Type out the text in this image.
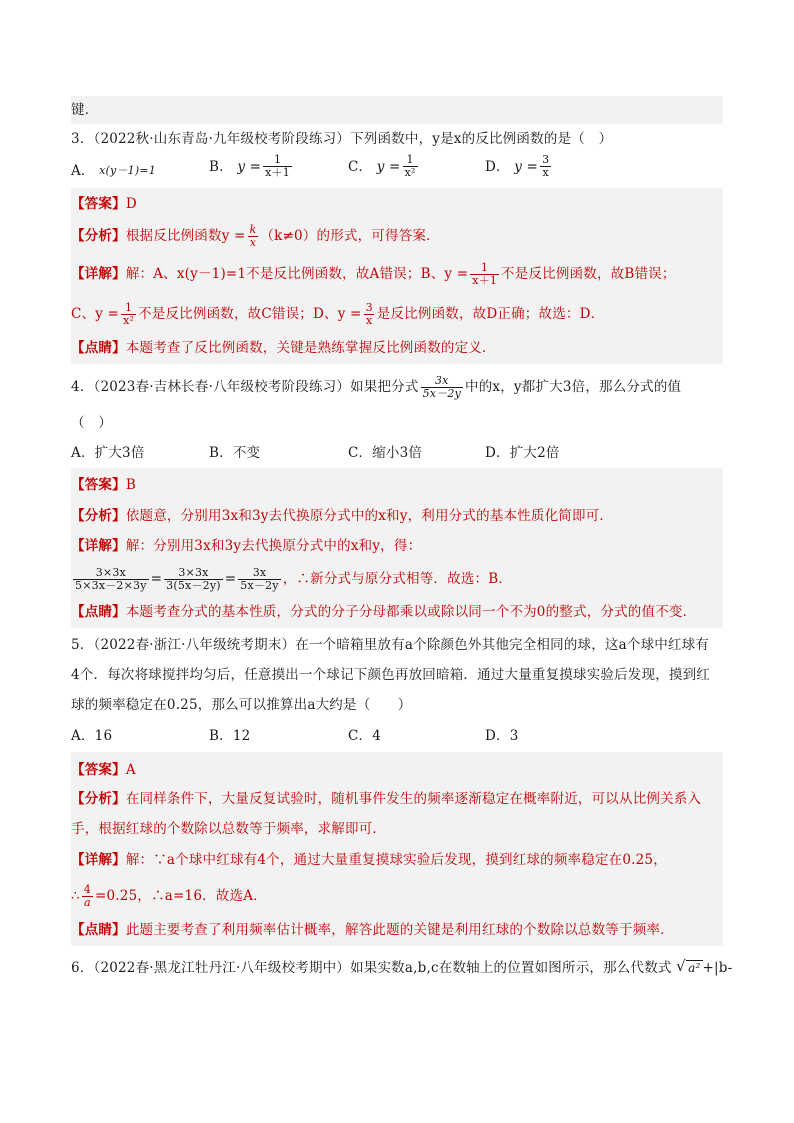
键．
3．（2022秋·山东青岛·九年级校考阶段练习）下列函数中，y是x的反比例函数的是（　）
A．
x(y－1)=1	B．
$y = \frac{1}{x+1}$	C．
$y = \frac{1}{\text{x²}}$	D．
$y = \frac{3}{x}$
【答案】D
【分析】根据反比例函数$y = \frac{k}{x} (k\ne 0)$的形式，可得答案．
【详解】解：A、x(y－1)=1不是反比例函数，故A错误；B、$y = \frac{1}{x+1}$ 不是反比例函数，故B错误；
C、$y = \frac{1}{\text{x²}}$ 不是反比例函数，故C错误；D、$y = \frac{3}{x}$ 是反比例函数，故D正确；故选：D．
【点睛】本题考查了反比例函数，关键是熟练掌握反比例函数的定义．
4．（2023春·吉林长春·八年级校考阶段练习）如果把分式 $\frac{3x}{5x-2y}$ 中的x，y都扩大3倍，那么分式的值
（　）
A．扩大3倍	B．不变	C．缩小3倍	D．扩大2倍
【答案】B
【分析】依题意，分别用3x和3y去代换原分式中的x和y，利用分式的基本性质化简即可．
【详解】解：分别用3x和3y去代换原分式中的x和y，得：
$\frac{3\times 3x}{5\times 3x-2\times 3y} = \frac{3\times 3x}{3(5x-2y)} = \frac{3x}{5x-2y}$ ，∴新分式与原分式相等．故选：B．
【点睛】本题考查分式的基本性质，分式的分子分母都乘以或除以同一个不为0的整式，分式的值不变．
5．（2022春·浙江·八年级统考期末）在一个暗箱里放有a个除颜色外其他完全相同的球，这a个球中红球有
4个．每次将球搅拌均匀后，任意摸出一个球记下颜色再放回暗箱．通过大量重复摸球实验后发现，摸到红
球的频率稳定在0.25，那么可以推算出a大约是（　　）
A．16	B．12	C．4	D．3
【答案】A
【分析】在同样条件下，大量反复试验时，随机事件发生的频率逐渐稳定在概率附近，可以从比例关系入
手，根据红球的个数除以总数等于频率，求解即可．
【详解】解：∵a个球中红球有4个，通过大量重复摸球实验后发现，摸到红球的频率稳定在0.25，
∴ $\frac{4}{a} =0.25$，∴a=16．故选A．
【点睛】此题主要考查了利用频率估计概率，解答此题的关键是利用红球的个数除以总数等于频率．
6．（2022春·黑龙江牡丹江·八年级校考期中）如果实数a,b,c在数轴上的位置如图所示，那么代数式 √ a² +|b-
